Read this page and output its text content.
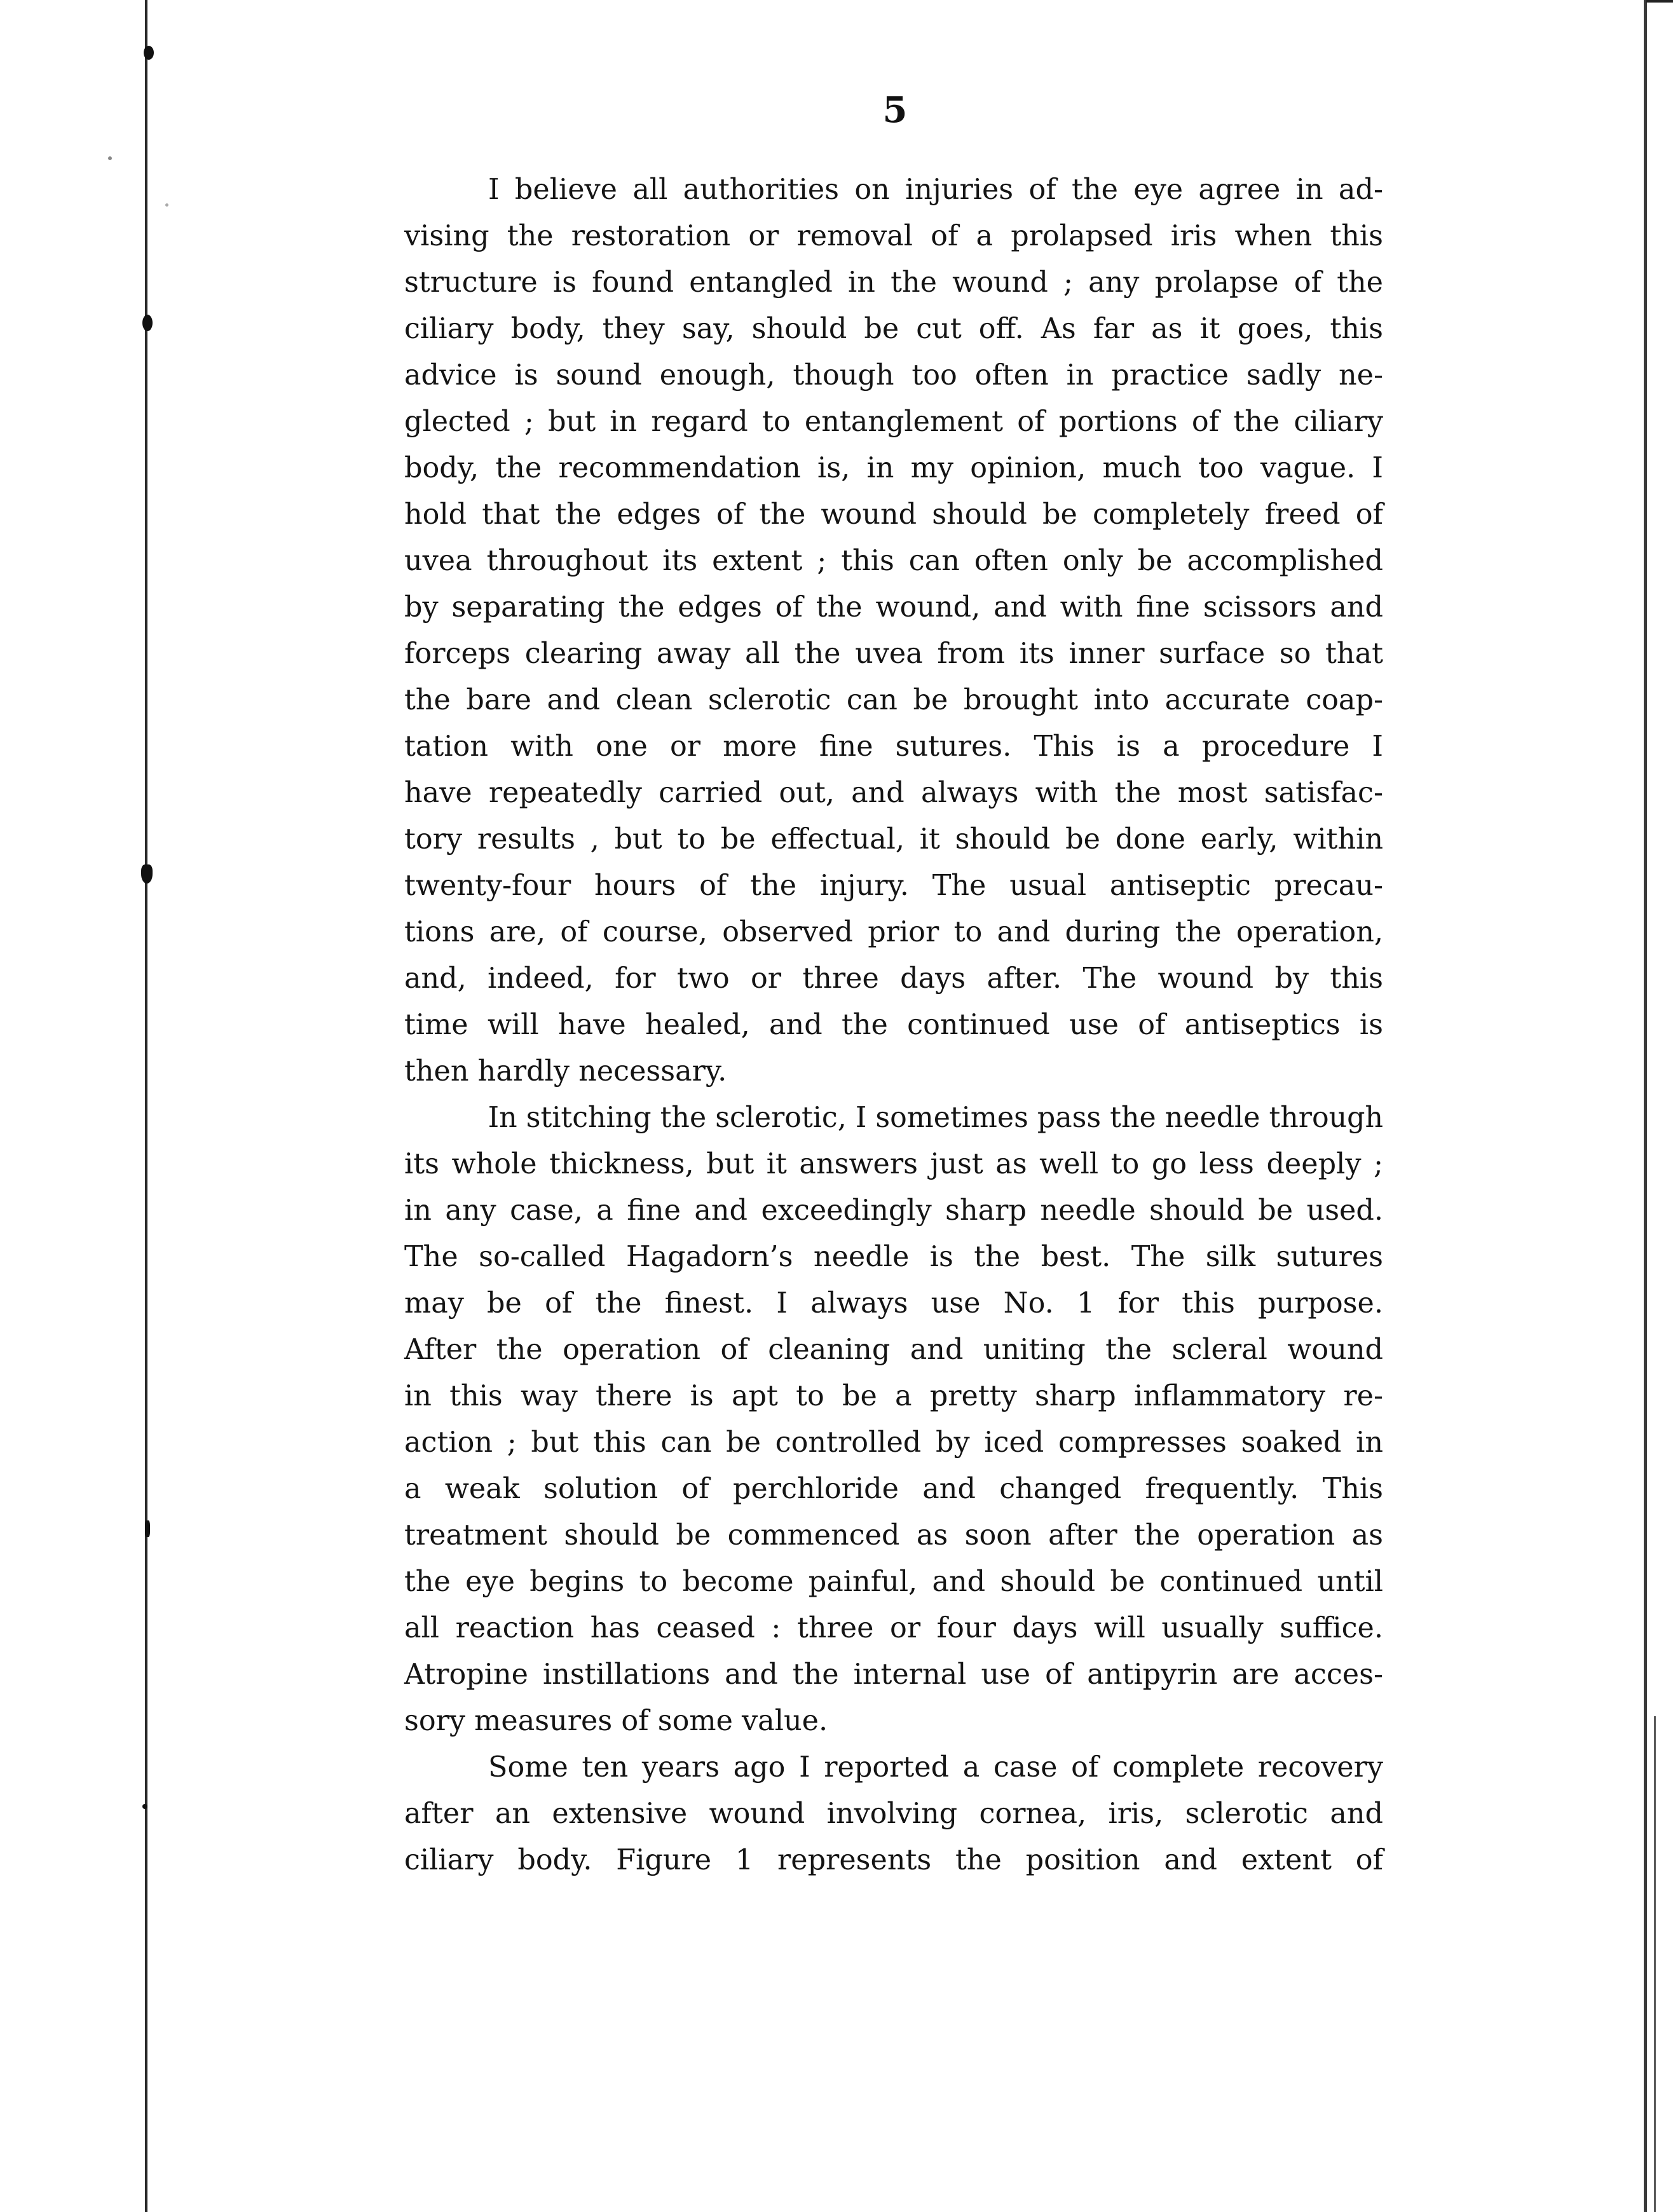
5
I believe all authorities on injuries of the eye agree in ad-
vising the restoration or removal of a prolapsed iris when this
structure is found entangled in the wound ; any prolapse of the
ciliary body, they say, should be cut off. As far as it goes, this
advice is sound enough, though too often in practice sadly ne-
glected ; but in regard to entanglement of portions of the ciliary
body, the recommendation is, in my opinion, much too vague. I
hold that the edges of the wound should be completely freed of
uvea throughout its extent ; this can often only be accomplished
by separating the edges of the wound, and with fine scissors and
forceps clearing away all the uvea from its inner surface so that
the bare and clean sclerotic can be brought into accurate coap-
tation with one or more fine sutures. This is a procedure I
have repeatedly carried out, and always with the most satisfac-
tory results , but to be effectual, it should be done early, within
twenty-four hours of the injury. The usual antiseptic precau-
tions are, of course, observed prior to and during the operation,
and, indeed, for two or three days after. The wound by this
time will have healed, and the continued use of antiseptics is
then hardly necessary.
In stitching the sclerotic, I sometimes pass the needle through
its whole thickness, but it answers just as well to go less deeply ;
in any case, a fine and exceedingly sharp needle should be used.
The so-called Hagadorn’s needle is the best. The silk sutures
may be of the finest. I always use No. 1 for this purpose.
After the operation of cleaning and uniting the scleral wound
in this way there is apt to be a pretty sharp inflammatory re-
action ; but this can be controlled by iced compresses soaked in
a weak solution of perchloride and changed frequently. This
treatment should be commenced as soon after the operation as
the eye begins to become painful, and should be continued until
all reaction has ceased : three or four days will usually suffice.
Atropine instillations and the internal use of antipyrin are acces-
sory measures of some value.
Some ten years ago I reported a case of complete recovery
after an extensive wound involving cornea, iris, sclerotic and
ciliary body. Figure 1 represents the position and extent of
